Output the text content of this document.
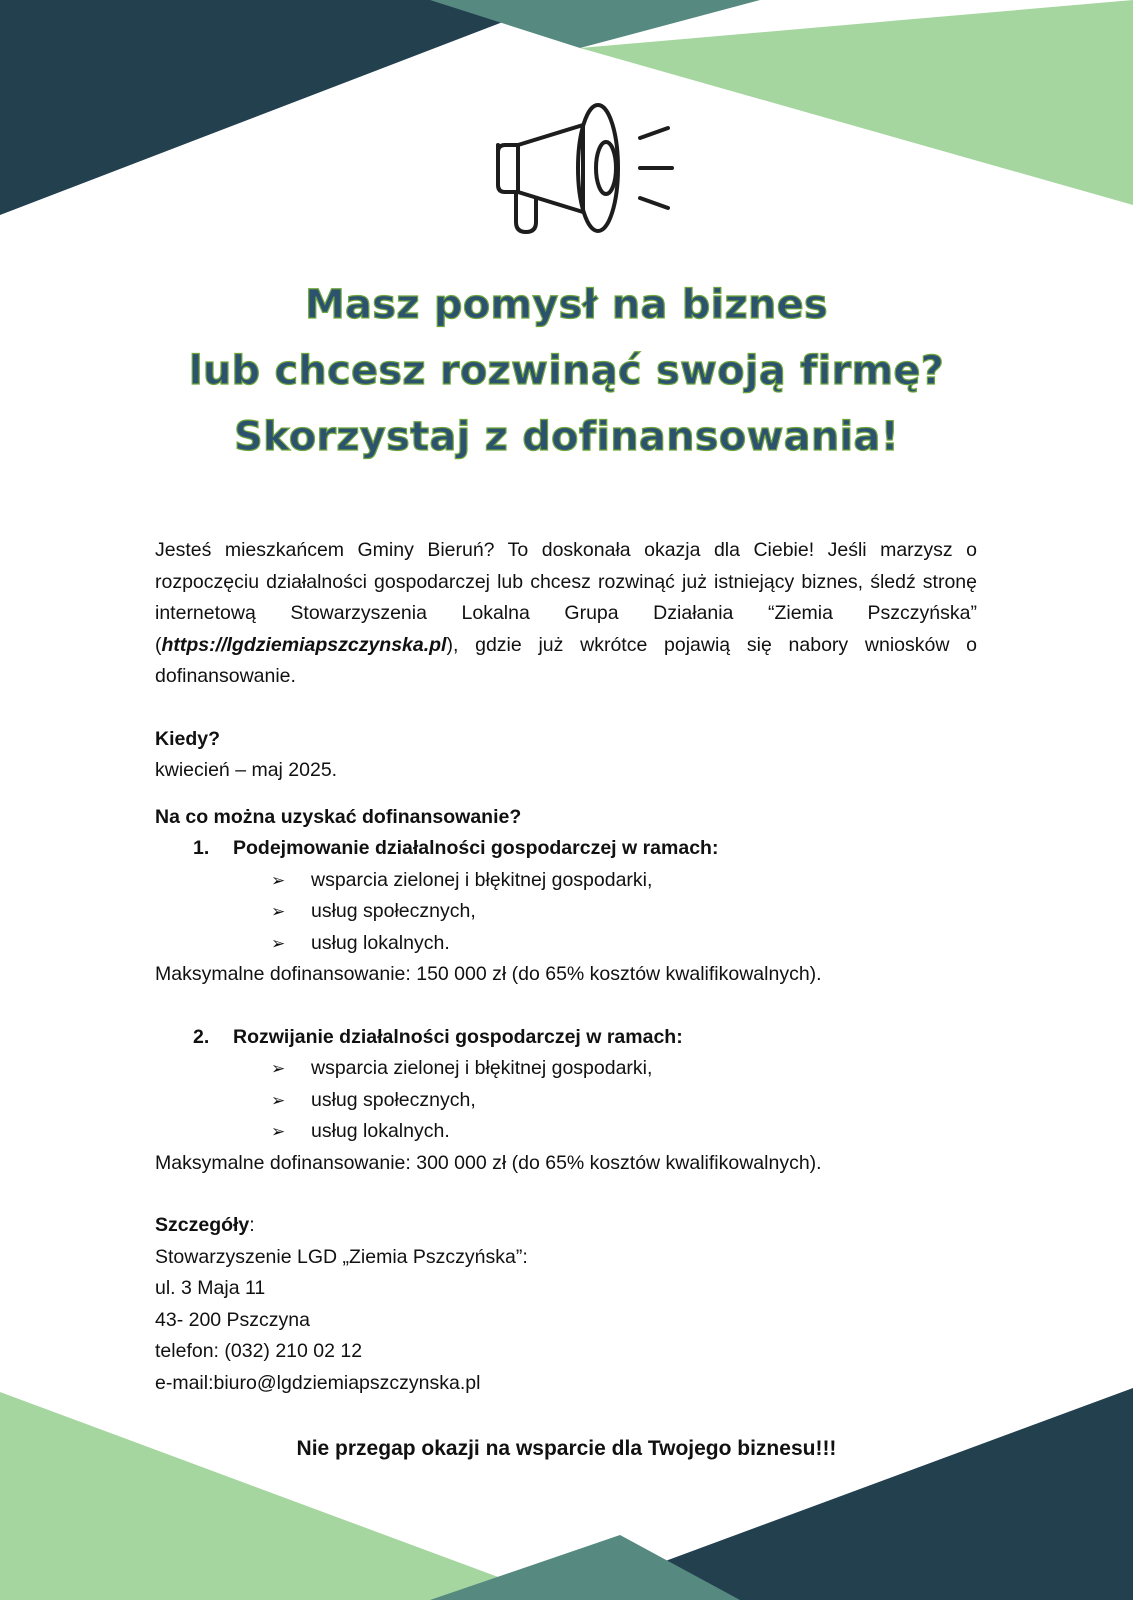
Masz pomysł na biznes
lub chcesz rozwinąć swoją firmę?
Skorzystaj z dofinansowania!

Jesteś mieszkańcem Gminy Bieruń? To doskonała okazja dla Ciebie! Jeśli marzysz o rozpoczęciu działalności gospodarczej lub chcesz rozwinąć już istniejący biznes, śledź stronę internetową Stowarzyszenia Lokalna Grupa Działania “Ziemia Pszczyńska” (https://lgdziemiapszczynska.pl), gdzie już wkrótce pojawią się nabory wniosków o dofinansowanie.

Kiedy?

kwiecień – maj 2025.

Na co można uzyskać dofinansowanie?

1. Podejmowanie działalności gospodarczej w ramach:

➢ wsparcia zielonej i błękitnej gospodarki,
➢ usług społecznych,
➢ usług lokalnych.

Maksymalne dofinansowanie: 150 000 zł (do 65% kosztów kwalifikowalnych).

2. Rozwijanie działalności gospodarczej w ramach:

➢ wsparcia zielonej i błękitnej gospodarki,
➢ usług społecznych,
➢ usług lokalnych.

Maksymalne dofinansowanie: 300 000 zł (do 65% kosztów kwalifikowalnych).

Szczegóły:

Stowarzyszenie LGD „Ziemia Pszczyńska”:

ul. 3 Maja 11

43- 200 Pszczyna

telefon: (032) 210 02 12

e-mail:biuro@lgdziemiapszczynska.pl

Nie przegap okazji na wsparcie dla Twojego biznesu!!!
